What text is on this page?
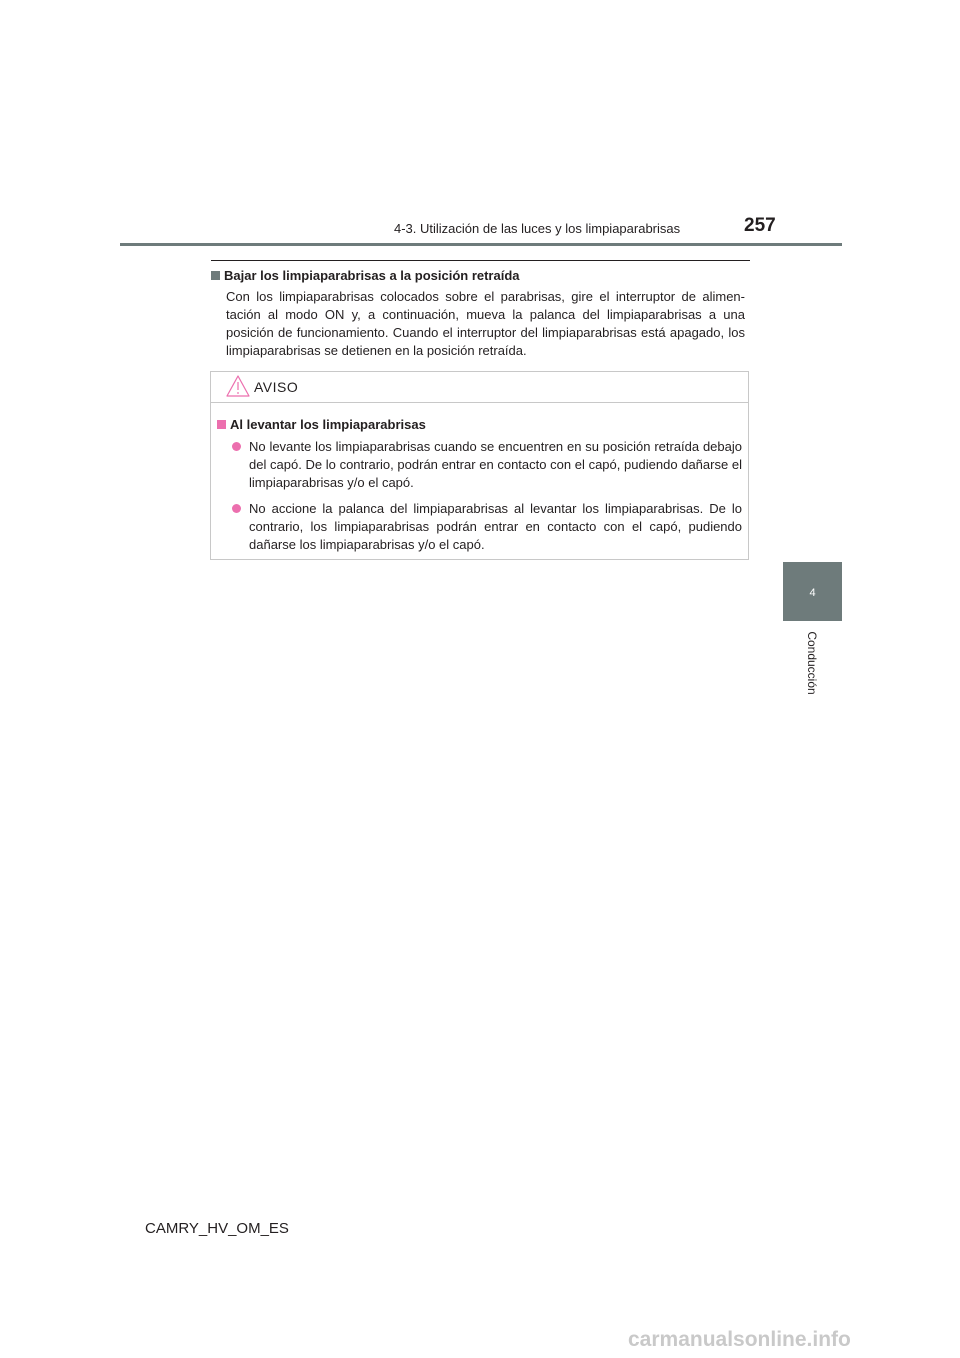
4-3. Utilización de las luces y los limpiaparabrisas	257
4
Conducción
Bajar los limpiaparabrisas a la posición retraída

Con los limpiaparabrisas colocados sobre el parabrisas, gire el interruptor de alimen-tación al modo ON y, a continuación, mueva la palanca del limpiaparabrisas a una posición de funcionamiento. Cuando el interruptor del limpiaparabrisas está apagado, los limpiaparabrisas se detienen en la posición retraída.

AVISO
Al levantar los limpiaparabrisas
No levante los limpiaparabrisas cuando se encuentren en su posición retraída debajo del capó. De lo contrario, podrán entrar en contacto con el capó, pudiendo dañarse el limpiaparabrisas y/o el capó.
No accione la palanca del limpiaparabrisas al levantar los limpiaparabrisas. De lo contrario, los limpiaparabrisas podrán entrar en contacto con el capó, pudiendo dañarse los limpiaparabrisas y/o el capó.
CAMRY_HV_OM_ES
carmanualsonline.info
